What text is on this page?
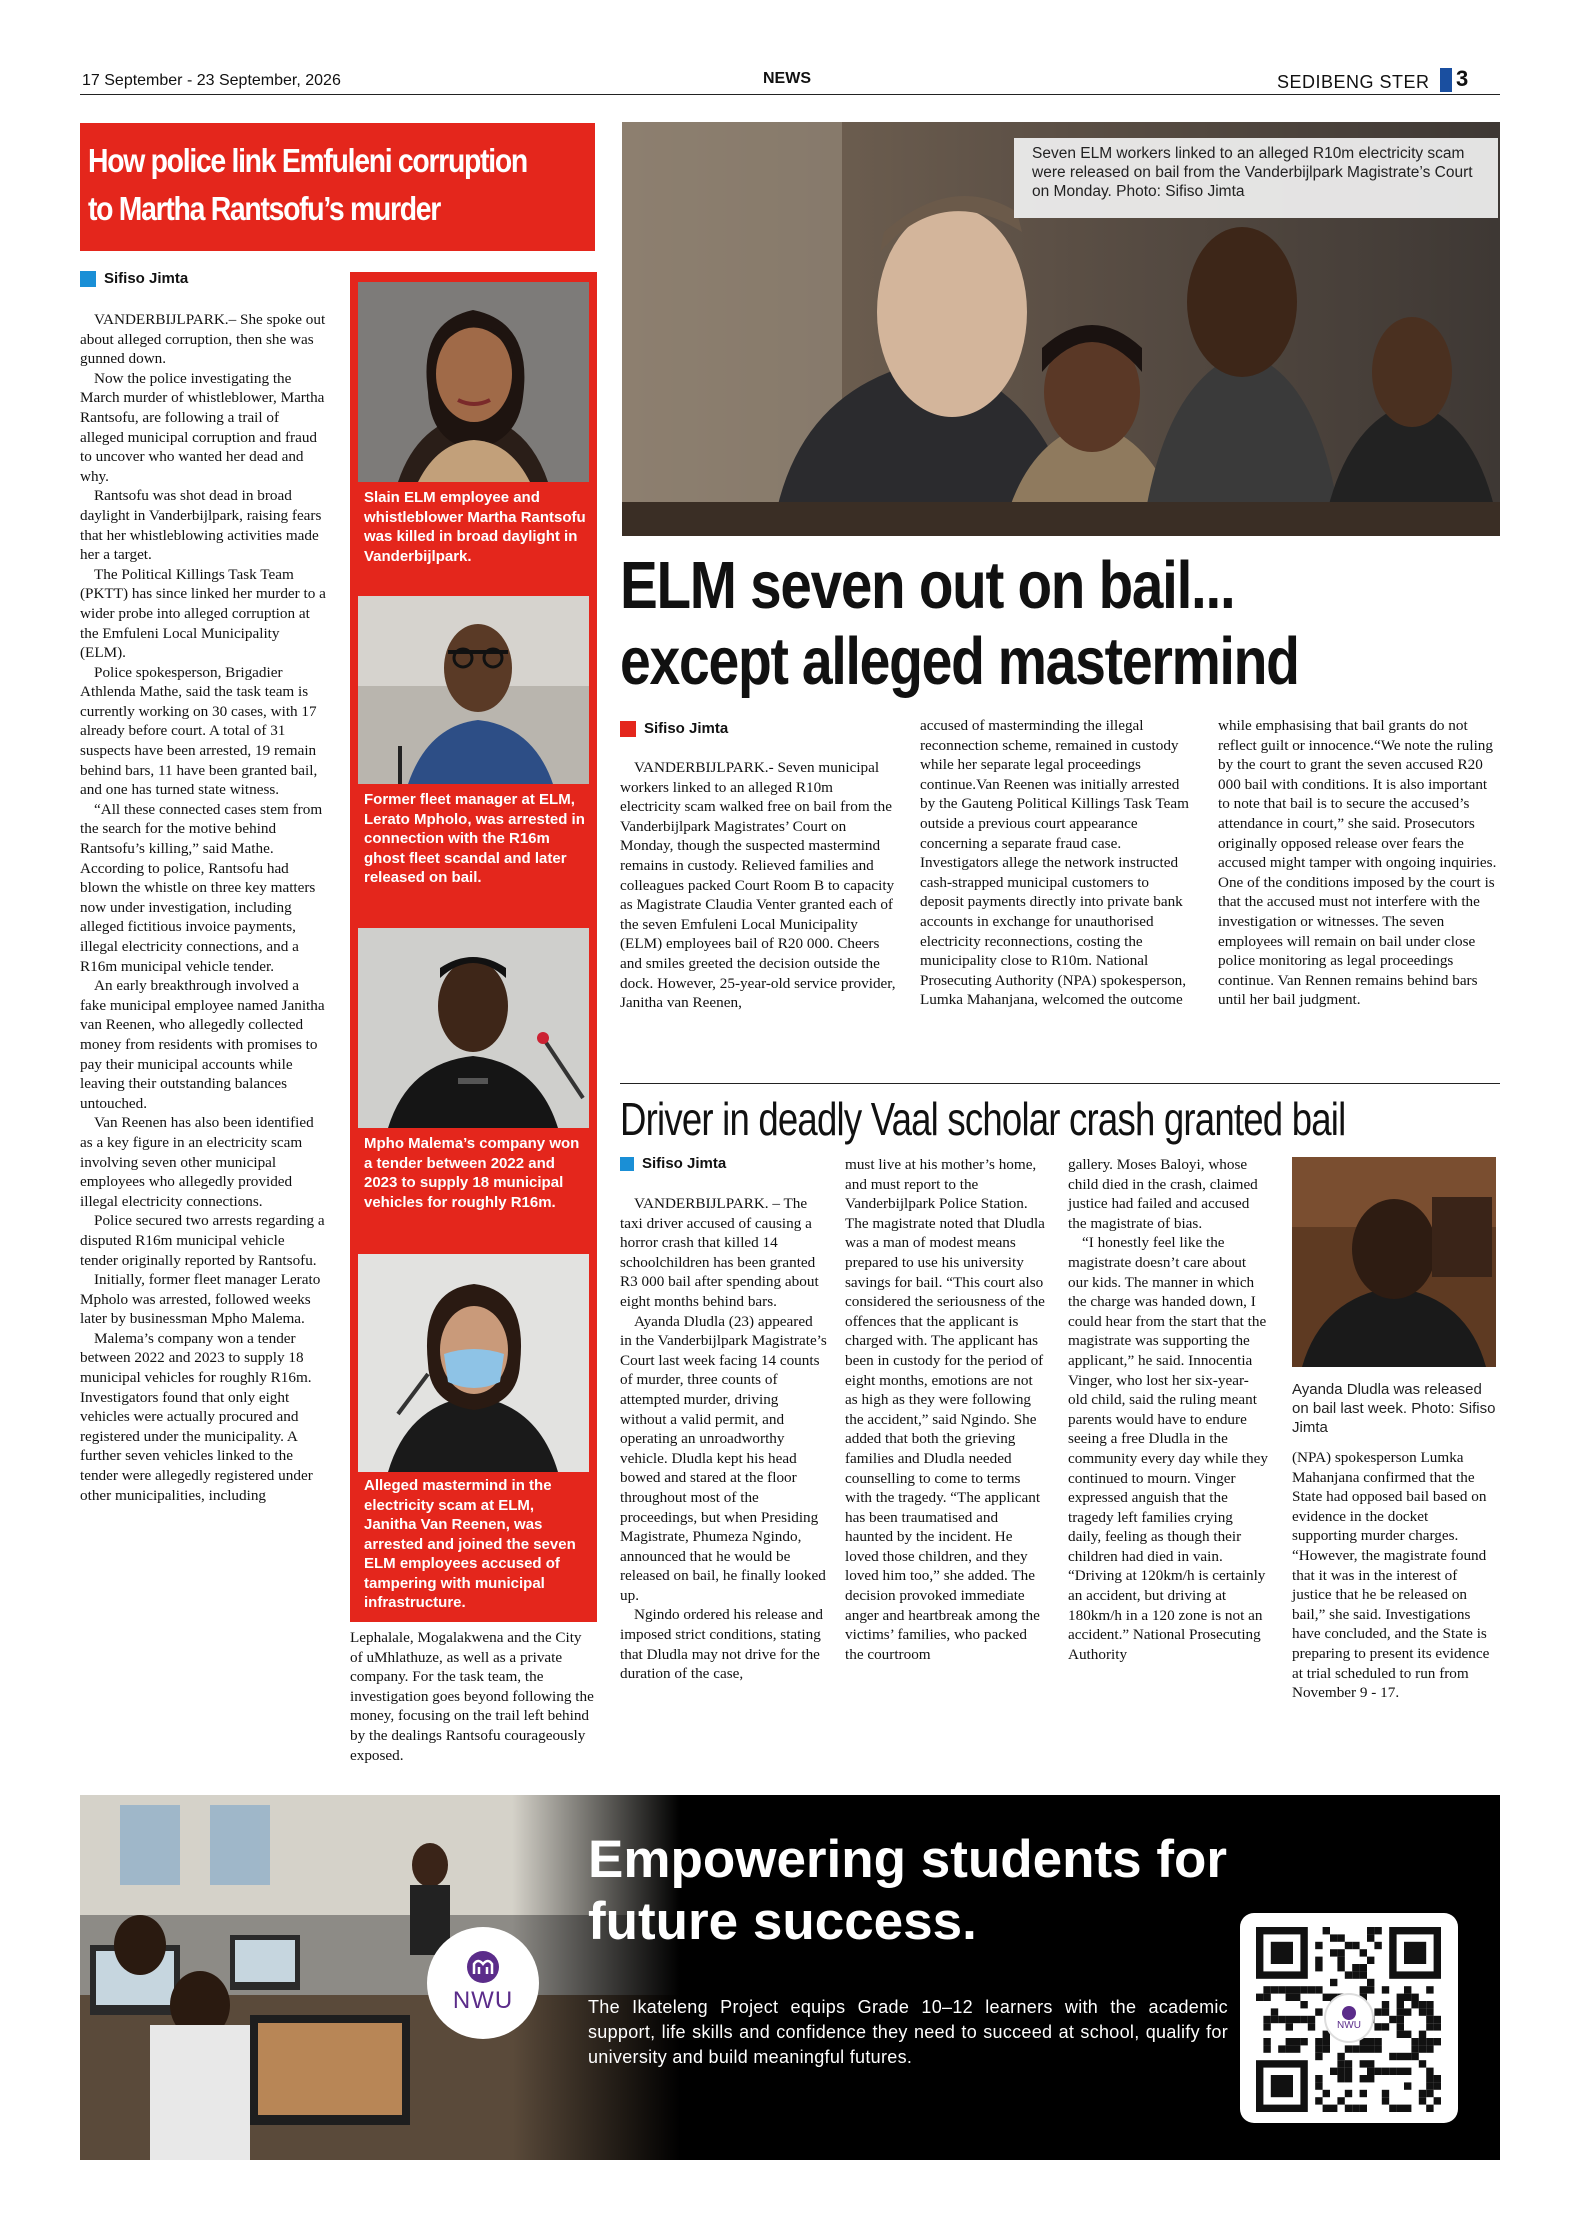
17 September - 23 September, 2026	NEWS	SEDIBENG STER 3
How police link Emfuleni corruption
to Martha Rantsofu’s murder
Sifiso Jimta

VANDERBIJLPARK.– She spoke out about alleged corruption, then she was gunned down.

Now the police investigating the March murder of whistleblower, Martha Rantsofu, are following a trail of alleged municipal corruption and fraud to uncover who wanted her dead and why.

Rantsofu was shot dead in broad daylight in Vanderbijlpark, raising fears that her whistleblowing activities made her a target.

The Political Killings Task Team (PKTT) has since linked her murder to a wider probe into alleged corruption at the Emfuleni Local Municipality (ELM).

Police spokesperson, Brigadier Athlenda Mathe, said the task team is currently working on 30 cases, with 17 already before court. A total of 31 suspects have been arrested, 19 remain behind bars, 11 have been granted bail, and one has turned state witness.

“All these connected cases stem from the search for the motive behind Rantsofu’s killing,” said Mathe. According to police, Rantsofu had blown the whistle on three key matters now under investigation, including alleged fictitious invoice payments, illegal electricity connections, and a R16m municipal vehicle tender.

An early breakthrough involved a fake municipal employee named Janitha van Reenen, who allegedly collected money from residents with promises to pay their municipal accounts while leaving their outstanding balances untouched.

Van Reenen has also been identified as a key figure in an electricity scam involving seven other municipal employees who allegedly provided illegal electricity connections.

Police secured two arrests regarding a disputed R16m municipal vehicle tender originally reported by Rantsofu.

Initially, former fleet manager Lerato Mpholo was arrested, followed weeks later by businessman Mpho Malema.

Malema’s company won a tender between 2022 and 2023 to supply 18 municipal vehicles for roughly R16m. Investigators found that only eight vehicles were actually procured and registered under the municipality. A further seven vehicles linked to the tender were allegedly registered under other municipalities, including

Slain ELM employee and whistleblower Martha Rantsofu was killed in broad daylight in Vanderbijlpark.
Former fleet manager at ELM, Lerato Mpholo, was arrested in connection with the R16m ghost fleet scandal and later released on bail.
Mpho Malema’s company won a tender between 2022 and 2023 to supply 18 municipal vehicles for roughly R16m.
Alleged mastermind in the electricity scam at ELM, Janitha Van Reenen, was arrested and joined the seven ELM employees accused of tampering with municipal infrastructure.

Lephalale, Mogalakwena and the City of uMhlathuze, as well as a private company. For the task team, the investigation goes beyond following the money, focusing on the trail left behind by the dealings Rantsofu courageously exposed.

Seven ELM workers linked to an alleged R10m electricity scam were released on bail from the Vanderbijlpark Magistrate’s Court on Monday. Photo: Sifiso Jimta
ELM seven out on bail...
except alleged mastermind
Sifiso Jimta

VANDERBIJLPARK.- Seven municipal workers linked to an alleged R10m electricity scam walked free on bail from the Vanderbijlpark Magistrates’ Court on Monday, though the suspected mastermind remains in custody. Relieved families and colleagues packed Court Room B to capacity as Magistrate Claudia Venter granted each of the seven Emfuleni Local Municipality (ELM) employees bail of R20 000. Cheers and smiles greeted the decision outside the dock. However, 25-year-old service provider, Janitha van Reenen,

accused of masterminding the illegal reconnection scheme, remained in custody while her separate legal proceedings continue.Van Reenen was initially arrested by the Gauteng Political Killings Task Team outside a previous court appearance concerning a separate fraud case. Investigators allege the network instructed cash-strapped municipal customers to deposit payments directly into private bank accounts in exchange for unauthorised electricity reconnections, costing the municipality close to R10m. National Prosecuting Authority (NPA) spokesperson, Lumka Mahanjana, welcomed the outcome

while emphasising that bail grants do not reflect guilt or innocence.“We note the ruling by the court to grant the seven accused R20 000 bail with conditions. It is also important to note that bail is to secure the accused’s attendance in court,” she said. Prosecutors originally opposed release over fears the accused might tamper with ongoing inquiries. One of the conditions imposed by the court is that the accused must not interfere with the investigation or witnesses. The seven employees will remain on bail under close police monitoring as legal proceedings continue. Van Rennen remains behind bars until her bail judgment.

Driver in deadly Vaal scholar crash granted bail
Sifiso Jimta

VANDERBIJLPARK. – The taxi driver accused of causing a horror crash that killed 14 schoolchildren has been granted R3 000 bail after spending about eight months behind bars.

Ayanda Dludla (23) appeared in the Vanderbijlpark Magistrate’s Court last week facing 14 counts of murder, three counts of attempted murder, driving without a valid permit, and operating an unroadworthy vehicle. Dludla kept his head bowed and stared at the floor throughout most of the proceedings, but when Presiding Magistrate, Phumeza Ngindo, announced that he would be released on bail, he finally looked up.

Ngindo ordered his release and imposed strict conditions, stating that Dludla may not drive for the duration of the case,

must live at his mother’s home, and must report to the Vanderbijlpark Police Station. The magistrate noted that Dludla was a man of modest means prepared to use his university savings for bail. “This court also considered the seriousness of the offences that the applicant is charged with. The applicant has been in custody for the period of eight months, emotions are not as high as they were following the accident,” said Ngindo. She added that both the grieving families and Dludla needed counselling to come to terms with the tragedy. “The applicant has been traumatised and haunted by the incident. He loved those children, and they loved him too,” she added. The decision provoked immediate anger and heartbreak among the victims’ families, who packed the courtroom

gallery. Moses Baloyi, whose child died in the crash, claimed justice had failed and accused the magistrate of bias.

“I honestly feel like the magistrate doesn’t care about our kids. The manner in which the charge was handed down, I could hear from the start that the magistrate was supporting the applicant,” he said. Innocentia Vinger, who lost her six-year-old child, said the ruling meant parents would have to endure seeing a free Dludla in the community every day while they continued to mourn. Vinger expressed anguish that the tragedy left families crying daily, feeling as though their children had died in vain. “Driving at 120km/h is certainly an accident, but driving at 180km/h in a 120 zone is not an accident.” National Prosecuting Authority

Ayanda Dludla was released on bail last week. Photo: Sifiso Jimta

(NPA) spokesperson Lumka Mahanjana confirmed that the State had opposed bail based on evidence in the docket supporting murder charges. “However, the magistrate found that it was in the interest of justice that he be released on bail,” she said. Investigations have concluded, and the State is preparing to present its evidence at trial scheduled to run from November 9 - 17.

NWU
Empowering students for
future success.
The Ikateleng Project equips Grade 10–12 learners with the academic support, life skills and confidence they need to succeed at school, qualify for university and build meaningful futures.
NWU
